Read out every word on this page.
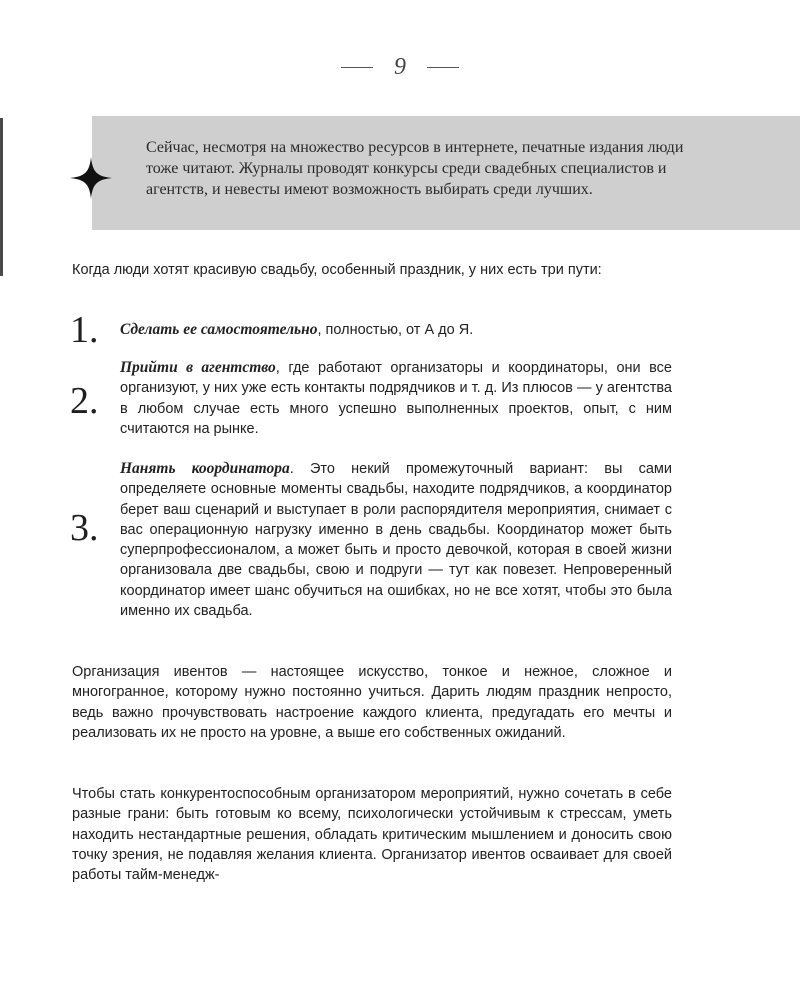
9
Сейчас, несмотря на множество ресурсов в интернете, печатные издания люди тоже читают. Журналы проводят конкурсы среди свадебных специалистов и агентств, и невесты имеют возможность выбирать среди лучших.
Когда люди хотят красивую свадьбу, особенный праздник, у них есть три пути:
1. Сделать ее самостоятельно, полностью, от А до Я.
2.
Прийти в агентство, где работают организаторы и координаторы, они все организуют, у них уже есть контакты подрядчиков и т. д. Из плюсов — у агентства в любом случае есть много успешно выполненных проектов, опыт, с ним считаются на рынке.
3.
Нанять координатора. Это некий промежуточный вариант: вы сами определяете основные моменты свадьбы, находите подрядчиков, а координатор берет ваш сценарий и выступает в роли распорядителя мероприятия, снимает с вас операционную нагрузку именно в день свадьбы. Координатор может быть суперпрофессионалом, а может быть и просто девочкой, которая в своей жизни организовала две свадьбы, свою и подруги — тут как повезет. Непроверенный координатор имеет шанс обучиться на ошибках, но не все хотят, чтобы это была именно их свадьба.
Организация ивентов — настоящее искусство, тонкое и нежное, сложное и многогранное, которому нужно постоянно учиться. Дарить людям праздник непросто, ведь важно прочувствовать настроение каждого клиента, предугадать его мечты и реализовать их не просто на уровне, а выше его собственных ожиданий.
Чтобы стать конкурентоспособным организатором мероприятий, нужно сочетать в себе разные грани: быть готовым ко всему, психологически устойчивым к стрессам, уметь находить нестандартные решения, обладать критическим мышлением и доносить свою точку зрения, не подавляя желания клиента. Организатор ивентов осваивает для своей работы тайм-менедж-
